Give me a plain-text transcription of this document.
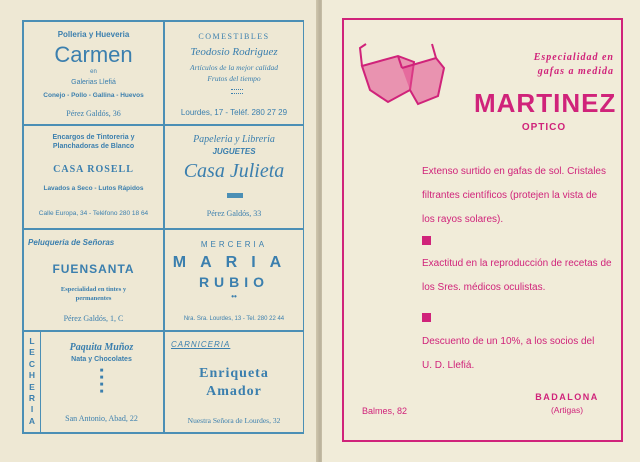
Polleria y Hueveria
Carmen
en
Galerias Llefiá
Conejo - Pollo - Gallina - Huevos
Pérez Galdós, 36
COMESTIBLES
Teodosio Rodriguez
Artículos de la mejor calidad
Frutos del tiempo
Lourdes, 17 - Teléf. 280 27 29
Encargos de Tintoreria y
Planchadoras de Blanco
CASA ROSELL
Lavados a Seco - Lutos Rápidos
Calle Europa, 34 - Teléfono 280 18 64
Papeleria y Libreria
JUGUETES
Casa Julieta
Pérez Galdós, 33
Peluqueria de Señoras
FUENSANTA
Especialidad en tintes y
permanentes
Pérez Galdós, 1, C
MERCERIA
MARIA
RUBIO
••
Nra. Sra. Lourdes, 13 - Tel. 280 22 44
LECHERIA
Paquita Muñoz
Nata y Chocolates
■
■
■
■
San Antonio, Abad, 22
CARNICERIA
Enriqueta
Amador
Nuestra Señora de Lourdes, 32
Especialidad en
gafas a medida
MARTINEZ
OPTICO
Extenso surtido en gafas de sol. Cristales
filtrantes científicos (protejen la vista de
los rayos solares).
Exactitud en la reproducción de recetas de
los Sres. médicos oculistas.
Descuento de un 10%, a los socios del
U. D. Llefiá.
Balmes, 82
BADALONA
(Artigas)
